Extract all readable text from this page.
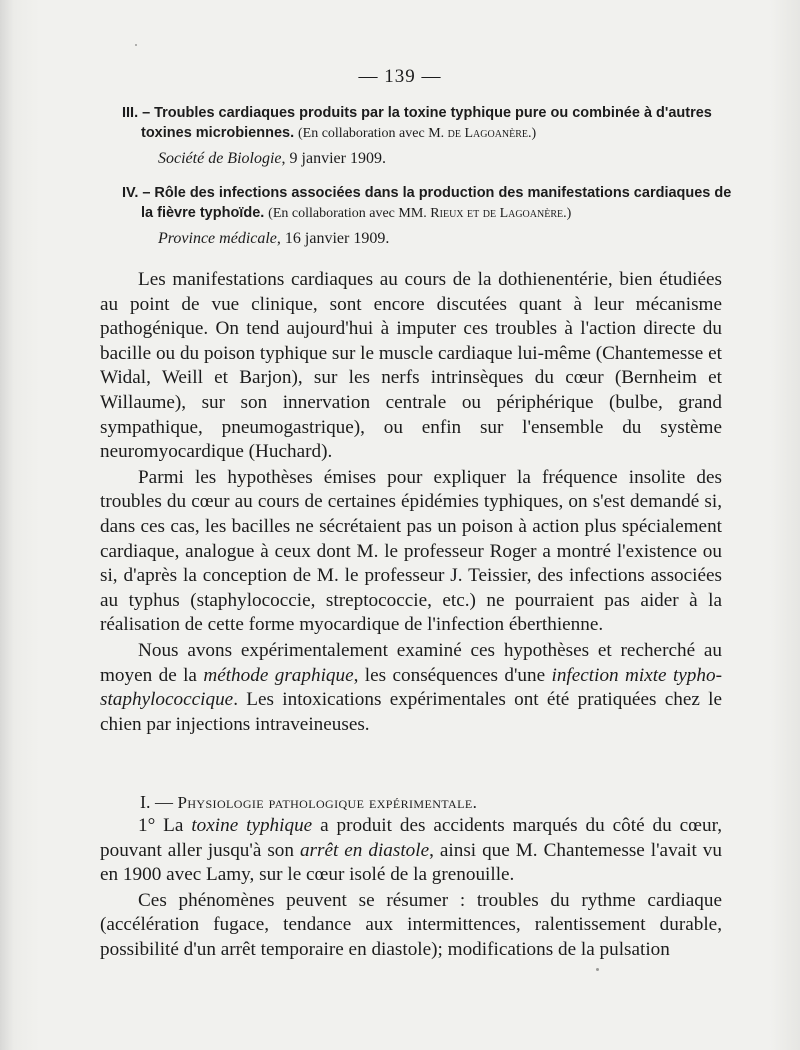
— 139 —
III. – Troubles cardiaques produits par la toxine typhique pure ou combinée à d'autres toxines microbiennes. (En collaboration avec M. de Lagoanère.)
Société de Biologie, 9 janvier 1909.
IV. – Rôle des infections associées dans la production des manifestations cardiaques de la fièvre typhoïde. (En collaboration avec MM. Rieux et de Lagoanère.)
Province médicale, 16 janvier 1909.

Les manifestations cardiaques au cours de la dothienentérie, bien étudiées au point de vue clinique, sont encore discutées quant à leur mécanisme pathogénique. On tend aujourd'hui à imputer ces troubles à l'action directe du bacille ou du poison typhique sur le muscle cardiaque lui-même (Chantemesse et Widal, Weill et Barjon), sur les nerfs intrinsèques du cœur (Bernheim et Willaume), sur son innervation centrale ou périphérique (bulbe, grand sympathique, pneumogastrique), ou enfin sur l'ensemble du système neuromyocardique (Huchard).

Parmi les hypothèses émises pour expliquer la fréquence insolite des troubles du cœur au cours de certaines épidémies typhiques, on s'est demandé si, dans ces cas, les bacilles ne sécrétaient pas un poison à action plus spécialement cardiaque, analogue à ceux dont M. le professeur Roger a montré l'existence ou si, d'après la conception de M. le professeur J. Teissier, des infections associées au typhus (staphylococcie, streptococcie, etc.) ne pourraient pas aider à la réalisation de cette forme myocardique de l'infection éberthienne.

Nous avons expérimentalement examiné ces hypothèses et recherché au moyen de la méthode graphique, les conséquences d'une infection mixte typho-staphylococcique. Les intoxications expérimentales ont été pratiquées chez le chien par injections intraveineuses.

I. — Physiologie pathologique expérimentale.

1° La toxine typhique a produit des accidents marqués du côté du cœur, pouvant aller jusqu'à son arrêt en diastole, ainsi que M. Chantemesse l'avait vu en 1900 avec Lamy, sur le cœur isolé de la grenouille.

Ces phénomènes peuvent se résumer : troubles du rythme cardiaque (accélération fugace, tendance aux intermittences, ralentissement durable, possibilité d'un arrêt temporaire en diastole); modifications de la pulsation
